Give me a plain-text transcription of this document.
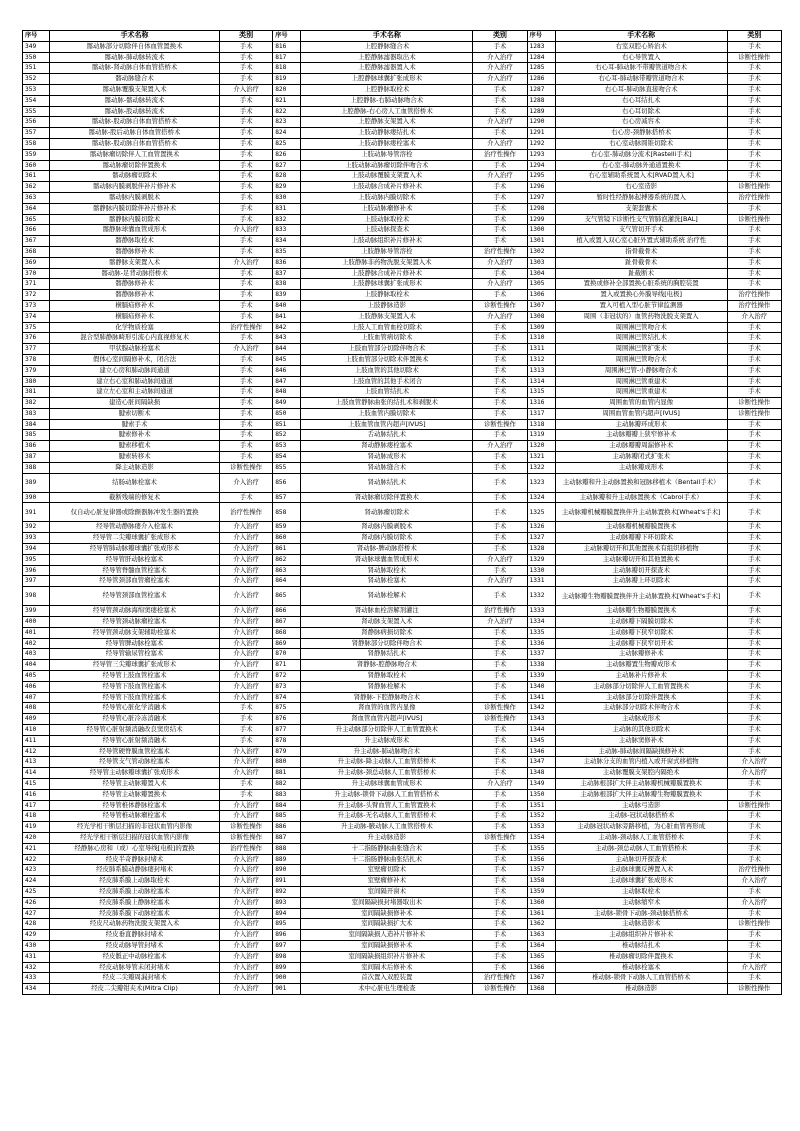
序号	手术名称	类别	序号	手术名称	类别	序号	手术名称	类别
349	髂动脉部分切除伴自体血管置换术	手术	816	上腔静脉缝合术	手术	1283	右室双腔心矫治术	手术
350	髂动脉-肺动脉转流术	手术	817	上腔静脉滤器取出术	介入治疗	1284	右心导管置入	诊断性操作
351	髂动脉-肾动脉自体血管搭桥术	手术	818	上腔静脉滤器置入术	介入治疗	1285	右心耳-肺动脉不带瓣管道吻合术	手术
352	髂动脉缝合术	手术	819	上腔静脉球囊扩张成形术	介入治疗	1286	右心耳-肺动脉带瓣管道吻合术	手术
353	髂动脉覆膜支架置入术	介入治疗	820	上腔静脉取栓术	手术	1287	右心耳-肺动脉直接吻合术	手术
354	髂动脉-髂动脉转流术	手术	821	上腔静脉-右肺动脉吻合术	手术	1288	右心耳结扎术	手术
355	髂动脉-股动脉转流术	手术	822	上腔静脉-右心房人工血管搭桥术	手术	1289	右心耳切除术	手术
356	髂动脉-股动脉自体血管搭桥术	手术	823	上腔静脉支架置入术	介入治疗	1290	右心房减容术	手术
357	髂动脉-股后动脉自体血管搭桥术	手术	824	上肢动静脉瘘结扎术	手术	1291	右心房-颈静脉搭桥术	手术
358	髂动脉-股动脉自体血管搭桥术	手术	825	上肢动静脉瘘栓塞术	介入治疗	1292	右心室动脉圆锥切除术	手术
359	髂动脉瘤切除伴人工血管置换术	手术	826	上肢动脉导管溶栓	治疗性操作	1293	右心室-肺动脉分流术[Rastelli手术]	手术
360	髂动脉瘤切除伴置换术	手术	827	上肢动脉动脉瘤切除伴吻合术	手术	1294	右心室-肺动脉外通道置换术	手术
361	髂动脉瘤切除术	手术	828	上肢动脉覆膜支架置入术	介入治疗	1295	右心室辅助系统置入术[RVAD置入术]	手术
362	髂动脉内膜剥脱伴补片修补术	手术	829	上肢动脉合成补片修补术	手术	1296	右心室造影	诊断性操作
363	髂动脉内膜剥脱术	手术	830	上肢动脉内膜切除术	手术	1297	暂时性经静脉起搏器系统的置入	治疗性操作
364	髂静脉内膜切除伴补片修补术	手术	831	上肢动脉瘤修补术	手术	1298	支架套囊术	手术
365	髂静脉内膜切除术	手术	832	上肢动脉取栓术	手术	1299	支气管镜下诊断性支气管肺泡灌洗[BAL]	诊断性操作
366	髂静脉球囊血管成形术	介入治疗	833	上肢动脉探查术	手术	1300	支气管切开手术	手术
367	髂静脉取栓术	手术	834	上肢动脉组织补片修补术	手术	1301	植入或置入双心室心脏外置式辅助系统 治疗性	手术
368	髂静脉修补术	手术	835	上肢静脉导管溶栓	治疗性操作	1302	指骨截骨术	手术
369	髂静脉支架置入术	介入治疗	836	上肢静脉非药物洗脱支架置入术	介入治疗	1303	趾骨截骨术	手术
370	髂动脉-足背动脉搭桥术	手术	837	上肢静脉合成补片修补术	手术	1304	趾截断术	手术
371	髂静脉修补术	手术	838	上肢静脉球囊扩张成形术	介入治疗	1305	置换或修补全部置换心脏系统的胸腔装置	手术
372	髂静脉修补术	手术	839	上肢静脉取栓术	手术	1306	置入或置换心外膜导线[电极]	治疗性操作
373	横膈疝修补术	手术	840	上肢静脉造影	诊断性操作	1307	置入可植入型心脏节律监测器	治疗性操作
374	横膈疝修补术	手术	841	上肢静脉支架置入术	介入治疗	1308	周围（非冠状的）血管药物洗脱支架置入	介入治疗
375	化学物质栓塞	治疗性操作	842	上肢人工血管血栓切除术	手术	1309	周围淋巴管吻合术	手术
376	混合型肺静脉畸形引流心内直视修复术	手术	843	上肢血管病切除术	手术	1310	周围淋巴管结扎术	手术
377	甲状腺动脉栓塞术	介入治疗	844	上肢血管部分切除伴吻合术	手术	1311	周围淋巴管扩张术	手术
378	假体心室间隔修补术，闭合法	手术	845	上肢血管部分切除术伴置换术	手术	1312	周围淋巴管吻合术	手术
379	建立心房和肺动脉间通道	手术	846	上肢血管的其他切除术	手术	1313	周围淋巴管-小静脉吻合术	手术
380	建立右心室和肺动脉间通道	手术	847	上肢血管的其他手术闭合	手术	1314	周围淋巴管重建术	手术
381	建立左心室和主动脉间通道	手术	848	上肢血管结扎术	手术	1315	周围淋巴管重建术	手术
382	建造心脏间隔缺损	手术	849	上肢血管静脉曲张的结扎术和剥脱术	手术	1316	周围血管的血管内显像	诊断性操作
383	腱索切断术	手术	850	上肢血管内膜切除术	手术	1317	周围血管血管内超声[IVUS]	诊断性操作
384	腱索手术	手术	851	上肢血管血管内超声[IVUS]	诊断性操作	1318	主动脉瓣环成形术	手术
385	腱索修补术	手术	852	舌动脉结扎术	手术	1319	主动脉瓣瓣上狭窄修补术	手术
386	腱索移植术	手术	853	肾动静脉瘘栓塞术	介入治疗	1320	主动脉瓣瓣周漏修补术	手术
387	腱索转移术	手术	854	肾动脉成形术	手术	1321	主动脉瓣闭式扩张术	手术
388	降主动脉造影	诊断性操作	855	肾动脉缝合术	手术	1322	主动脉瓣成形术	手术
389	结肠动脉栓塞术	介入治疗	856	肾动脉结扎术	手术	1323	主动脉瓣和升主动脉置换和冠脉移植术（Bentall手术）	手术
390	截断残端的修复术	手术	857	肾动脉瘤切除伴置换术	手术	1324	主动脉瓣和升主动脉置换术（Cabrol手术）	手术
391	仅自动心脏复律器或除颤器脉冲发生器的置换	治疗性操作	858	肾动脉瘤切除术	手术	1325	主动脉瓣机械瓣膜置换伴升主动脉置换术[Wheat's手术]	手术
392	经导管动静脉瘘介入栓塞术	介入治疗	859	肾动脉内膜剥脱术	手术	1326	主动脉瓣机械瓣膜置换术	手术
393	经导管二尖瓣球囊扩张成形术	介入治疗	860	肾动脉内膜切除术	手术	1327	主动脉瓣瓣下环切除术	手术
394	经导管肺动脉瓣球囊扩张成形术	介入治疗	861	肾动脉-脾动脉搭桥术	手术	1328	主动脉瓣切开和其他置换术有组织移植物	手术
395	经导管肝动脉栓塞术	介入治疗	862	肾动脉球囊血管成形术	介入治疗	1329	主动脉瓣切开和其他置换术	手术
396	经导管脊髓血管栓塞术	介入治疗	863	肾动脉取栓术	手术	1330	主动脉瓣切开探查术	手术
397	经导管颈部血管瘤栓塞术	介入治疗	864	肾动脉栓塞术	介入治疗	1331	主动脉瓣上环切除术	手术
398	经导管颈部血管栓塞术	介入治疗	865	肾动脉栓解术	手术	1332	主动脉瓣生物瓣膜置换伴升主动脉置换术[Wheat's手术]	手术
399	经导管颈动脉海绵窦瘘栓塞术	介入治疗	866	肾动脉血栓溶解剂灌注	治疗性操作	1333	主动脉瓣生物瓣膜置换术	手术
400	经导管颈动脉瘤栓塞术	介入治疗	867	肾动脉支架置入术	介入治疗	1334	主动脉瓣下隔膜切除术	手术
401	经导管颈动脉支架辅助栓塞术	介入治疗	868	肾静脉病损切除术	手术	1335	主动脉瓣下狭窄切除术	手术
402	经导管脾动脉栓塞术	介入治疗	869	肾静脉部分切除伴吻合术	手术	1336	主动脉瓣下狭窄切开术	手术
403	经导管输尿管栓塞术	介入治疗	870	肾静脉结扎术	手术	1337	主动脉瓣修补术	手术
404	经导管三尖瓣球囊扩张成形术	介入治疗	871	肾静脉-腔静脉吻合术	手术	1338	主动脉瓣置生物瓣成形术	手术
405	经导管上肢血管栓塞术	介入治疗	872	肾静脉取栓术	手术	1339	主动脉补片修补术	手术
406	经导管下肢血管栓塞术	介入治疗	873	肾静脉栓解术	手术	1340	主动脉部分切除伴人工血管置换术	手术
407	经导管下肢血管栓塞术	介入治疗	874	肾静脉-下腔静脉吻合术	手术	1341	主动脉部分切除伴置换术	手术
408	经导管心脏化学消融术	手术	875	肾血管的血管内显像	诊断性操作	1342	主动脉部分切除术伴吻合术	手术
409	经导管心脏冷冻消融术	手术	876	肾血管血管内超声[IVUS]	诊断性操作	1343	主动脉成形术	手术
410	经导管心脏射频消融改良窦房结术	手术	877	升主动脉部分切除伴人工血管置换术	手术	1344	主动脉的其他切除术	手术
411	经导管心脏射频消融术	手术	878	升主动脉成形术	手术	1345	主动脉窦修补术	手术
412	经导管硬脊膜血管栓塞术	介入治疗	879	升主动脉-肺动脉吻合术	手术	1346	主动脉-肺动脉间隔缺损修补术	手术
413	经导管支气管动脉栓塞术	介入治疗	880	升主动脉-降主动脉人工血管搭桥术	手术	1347	主动脉分支的血管内植入或开窗式移植物	介入治疗
414	经导管主动脉瓣球囊扩张成形术	介入治疗	881	升主动脉-颈总动脉人工血管搭桥术	手术	1348	主动脉覆膜支架腔内隔绝术	介入治疗
415	经导管主动脉瓣置入术	手术	882	升主动脉球囊血管成形术	介入治疗	1349	主动脉根部扩大伴主动脉瓣机械瓣膜置换术	手术
416	经导管主动脉瓣置换术	手术	883	升主动脉-锁骨下动脉人工血管搭桥术	手术	1350	主动脉根部扩大伴主动脉瓣生物瓣膜置换术	手术
417	经导管椎体静脉栓塞术	介入治疗	884	升主动脉-头臂血管人工血管置换术	手术	1351	主动脉弓造影	诊断性操作
418	经导管椎动脉瘤栓塞术	介入治疗	885	升主动脉-无名动脉人工血管搭桥术	手术	1352	主动脉-冠状动脉搭桥术	手术
419	经光学相干断层扫描的非冠状血管内影像	诊断性操作	886	升主动脉-腋动脉人工血管搭桥术	手术	1353	主动脉冠状动脉旁路移植，为心脏血管再形成	手术
420	经光学相干断层扫描的冠状血管内影像	诊断性操作	887	升主动脉造影	诊断性操作	1354	主动脉-颈动脉人工血管搭桥术	手术
421	经静脉心房和（或）心室导线[电极]的置换	治疗性操作	888	十二指肠静脉曲张缝合术	手术	1355	主动脉-颈总动脉人工血管搭桥术	手术
422	经皮半奇静脉封堵术	介入治疗	889	十二指肠静脉曲张结扎术	手术	1356	主动脉切开探查术	手术
423	经皮肺系膜动静脉瘘封堵术	介入治疗	890	室壁瘤切除术	手术	1357	主动脉球囊反搏置入术	治疗性操作
424	经皮肺系膜上动脉取栓术	介入治疗	891	室壁瘤修补术	手术	1358	主动脉球囊扩张成形术	介入治疗
425	经皮肺系膜上动脉栓塞术	介入治疗	892	室间隔开窗术	手术	1359	主动脉取栓术	手术
426	经皮肺系膜上静脉栓塞术	介入治疗	893	室间隔缺损封堵器取出术	手术	1360	主动脉缩窄术	介入治疗
427	经皮肺系膜下动脉栓塞术	介入治疗	894	室间隔缺损修补术	手术	1361	主动脉-锁骨下动脉-颈动脉搭桥术	手术
428	经皮尺动脉药物洗脱支架置入术	介入治疗	895	室间隔缺损扩大术	手术	1362	主动脉造影术	诊断性操作
429	经皮垂直静脉封堵术	介入治疗	896	室间隔缺损人造补片修补术	手术	1363	主动脉组织补片修补术	手术
430	经皮动脉导管封堵术	介入治疗	897	室间隔缺损修补术	手术	1364	椎动脉结扎术	手术
431	经皮骶正中动脉栓塞术	介入治疗	898	室间隔缺损组织补片修补术	手术	1365	椎动脉瘤切除伴置换术	手术
432	经皮动脉导管未闭封堵术	介入治疗	899	室间隔术后修补术	手术	1366	椎动脉栓塞术	介入治疗
433	经皮二尖瓣周漏封堵术	介入治疗	900	首次置入双腔装置	治疗性操作	1367	椎动脉-锁骨下动脉人工血管搭桥术	手术
434	经皮二尖瓣钳夹术(Mitra Clip)	介入治疗	901	术中心脏电生理检查	诊断性操作	1368	椎动脉造影	诊断性操作
